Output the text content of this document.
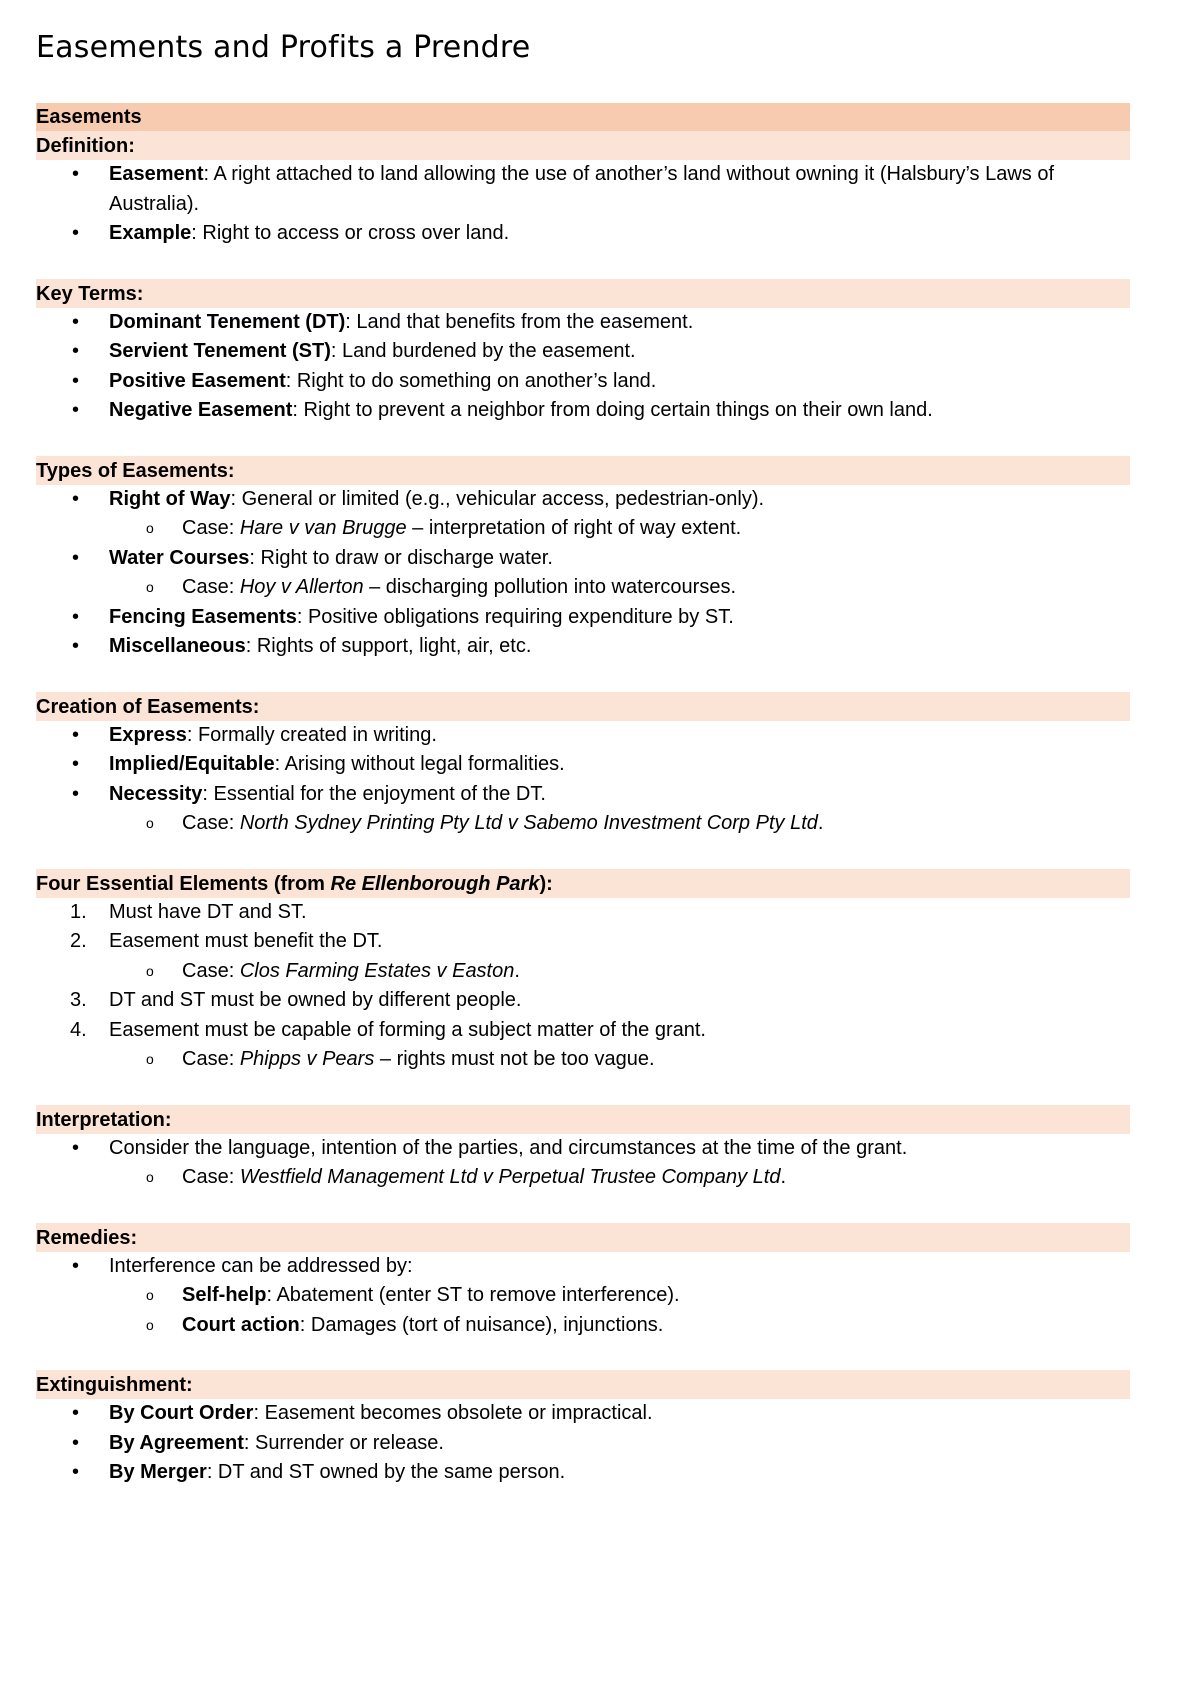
Easements and Profits a Prendre
Easements
Definition:
•	Easement: A right attached to land allowing the use of another’s land without owning it (Halsbury’s Laws of Australia).
•	Example: Right to access or cross over land.
Key Terms:
•	Dominant Tenement (DT): Land that benefits from the easement.
•	Servient Tenement (ST): Land burdened by the easement.
•	Positive Easement: Right to do something on another’s land.
•	Negative Easement: Right to prevent a neighbor from doing certain things on their own land.
Types of Easements:
•	Right of Way: General or limited (e.g., vehicular access, pedestrian-only).
o	Case: Hare v van Brugge – interpretation of right of way extent.
•	Water Courses: Right to draw or discharge water.
o	Case: Hoy v Allerton – discharging pollution into watercourses.
•	Fencing Easements: Positive obligations requiring expenditure by ST.
•	Miscellaneous: Rights of support, light, air, etc.
Creation of Easements:
•	Express: Formally created in writing.
•	Implied/Equitable: Arising without legal formalities.
•	Necessity: Essential for the enjoyment of the DT.
o	Case: North Sydney Printing Pty Ltd v Sabemo Investment Corp Pty Ltd.
Four Essential Elements (from Re Ellenborough Park):
1.	Must have DT and ST.
2.	Easement must benefit the DT.
o	Case: Clos Farming Estates v Easton.
3.	DT and ST must be owned by different people.
4.	Easement must be capable of forming a subject matter of the grant.
o	Case: Phipps v Pears – rights must not be too vague.
Interpretation:
•	Consider the language, intention of the parties, and circumstances at the time of the grant.
o	Case: Westfield Management Ltd v Perpetual Trustee Company Ltd.
Remedies:
•	Interference can be addressed by:
o	Self-help: Abatement (enter ST to remove interference).
o	Court action: Damages (tort of nuisance), injunctions.
Extinguishment:
•	By Court Order: Easement becomes obsolete or impractical.
•	By Agreement: Surrender or release.
•	By Merger: DT and ST owned by the same person.
